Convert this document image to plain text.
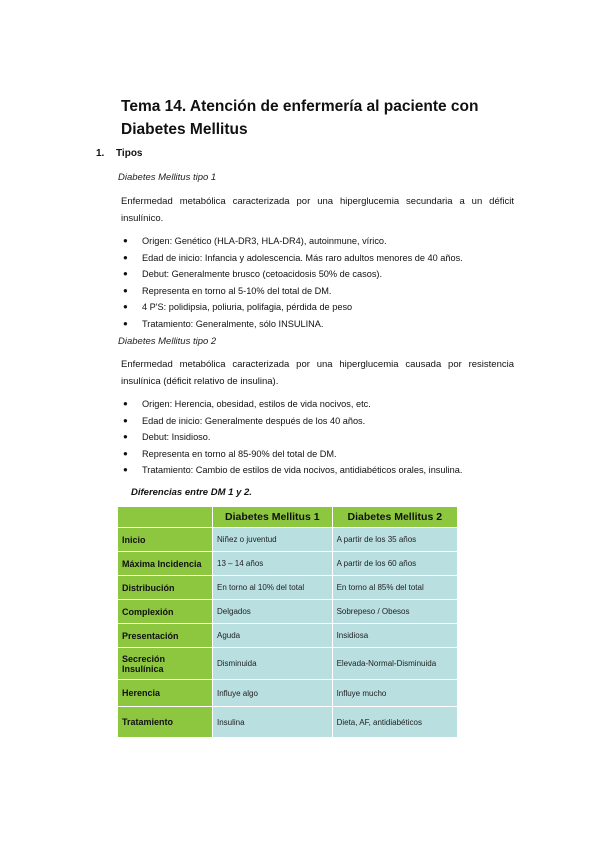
Tema 14. Atención de enfermería al paciente con Diabetes Mellitus
1. Tipos
Diabetes Mellitus tipo 1
Enfermedad metabólica caracterizada por una hiperglucemia secundaria a un déficit insulínico.
● Origen: Genético (HLA-DR3, HLA-DR4), autoinmune, vírico.
● Edad de inicio: Infancia y adolescencia. Más raro adultos menores de 40 años.
● Debut: Generalmente brusco (cetoacidosis 50% de casos).
● Representa en torno al 5-10% del total de DM.
● 4 P'S: polidipsia, poliuria, polifagia, pérdida de peso
● Tratamiento: Generalmente, sólo INSULINA.
Diabetes Mellitus tipo 2
Enfermedad metabólica caracterizada por una hiperglucemia causada por resistencia insulínica (déficit relativo de insulina).
● Origen: Herencia, obesidad, estilos de vida nocivos, etc.
● Edad de inicio: Generalmente después de los 40 años.
● Debut: Insidioso.
● Representa en torno al 85-90% del total de DM.
● Tratamiento: Cambio de estilos de vida nocivos, antidiabéticos orales, insulina.
Diferencias entre DM 1 y 2.
	Diabetes Mellitus 1	Diabetes Mellitus 2
Inicio	Niñez o juventud	A partir de los 35 años
Máxima Incidencia	13 – 14 años	A partir de los 60 años
Distribución	En torno al 10% del total	En torno al 85% del total
Complexión	Delgados	Sobrepeso / Obesos
Presentación	Aguda	Insidiosa
Secreción Insulínica	Disminuida	Elevada-Normal-Disminuida
Herencia	Influye algo	Influye mucho
Tratamiento	Insulina	Dieta, AF, antidiabéticos
